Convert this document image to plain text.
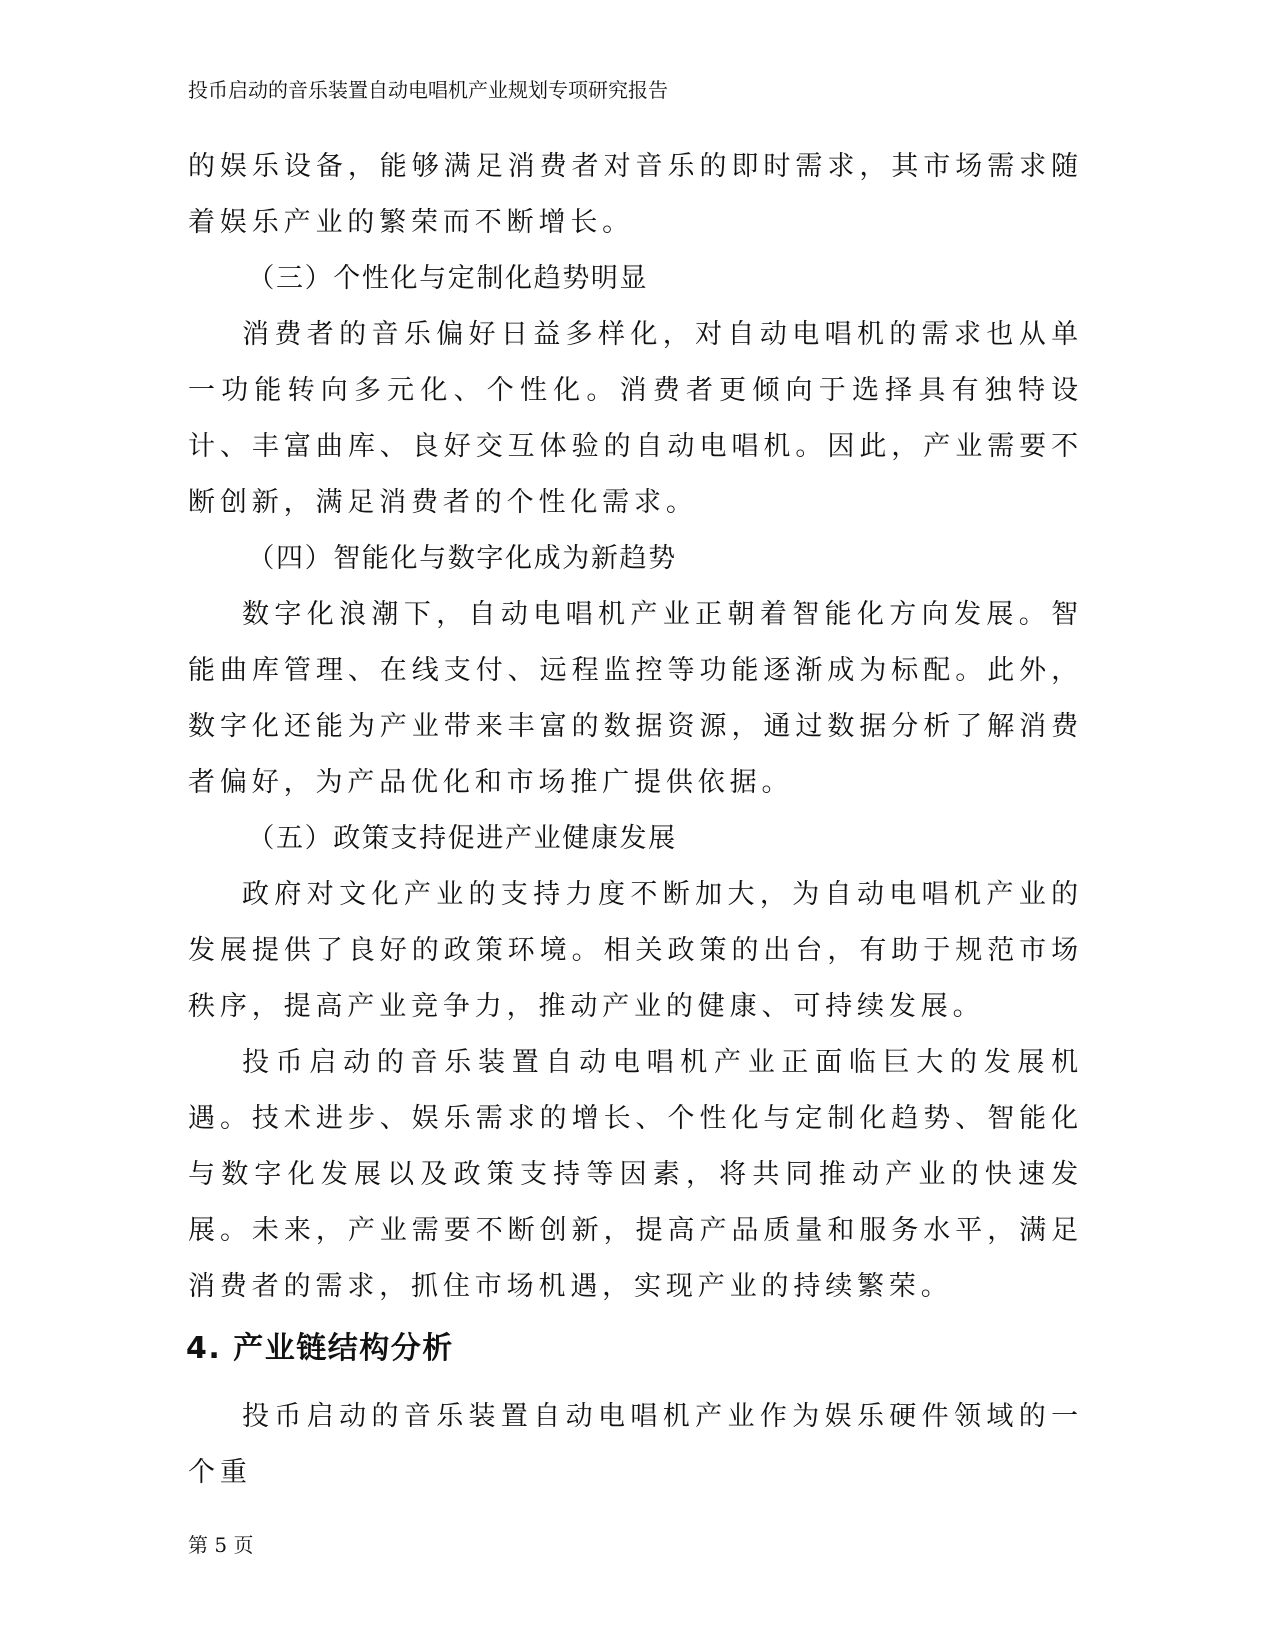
投币启动的音乐装置自动电唱机产业规划专项研究报告

的娱乐设备，能够满足消费者对音乐的即时需求，其市场需求随着娱乐产业的繁荣而不断增长。

（三）个性化与定制化趋势明显

消费者的音乐偏好日益多样化，对自动电唱机的需求也从单一功能转向多元化、个性化。消费者更倾向于选择具有独特设计、丰富曲库、良好交互体验的自动电唱机。因此，产业需要不断创新，满足消费者的个性化需求。

（四）智能化与数字化成为新趋势

数字化浪潮下，自动电唱机产业正朝着智能化方向发展。智能曲库管理、在线支付、远程监控等功能逐渐成为标配。此外，数字化还能为产业带来丰富的数据资源，通过数据分析了解消费者偏好，为产品优化和市场推广提供依据。

（五）政策支持促进产业健康发展

政府对文化产业的支持力度不断加大，为自动电唱机产业的发展提供了良好的政策环境。相关政策的出台，有助于规范市场秩序，提高产业竞争力，推动产业的健康、可持续发展。

投币启动的音乐装置自动电唱机产业正面临巨大的发展机遇。技术进步、娱乐需求的增长、个性化与定制化趋势、智能化与数字化发展以及政策支持等因素，将共同推动产业的快速发展。未来，产业需要不断创新，提高产品质量和服务水平，满足消费者的需求，抓住市场机遇，实现产业的持续繁荣。

4. 产业链结构分析

投币启动的音乐装置自动电唱机产业作为娱乐硬件领域的一个重

第 5 页
